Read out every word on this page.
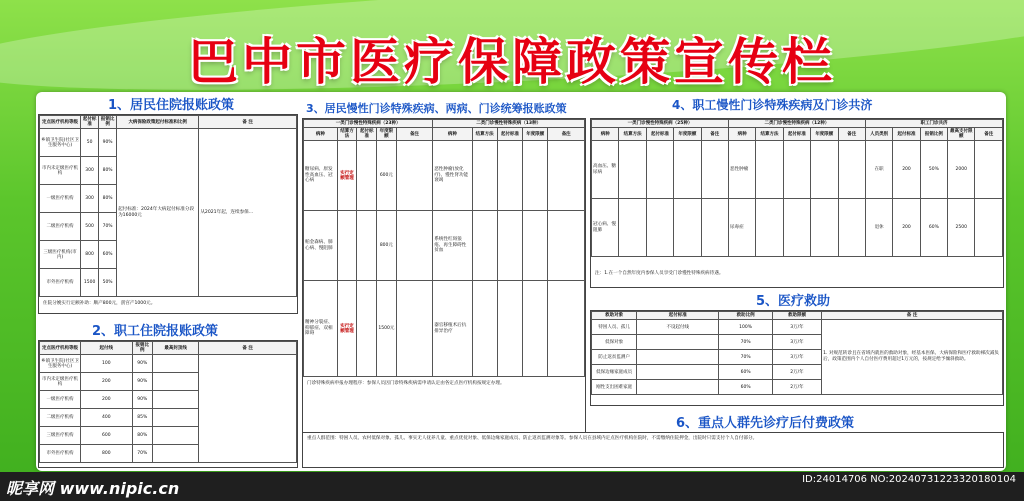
巴中市医疗保障政策宣传栏
1、居民住院报账政策
定点医疗机构等级	起付标准	报销比例	大病保险政策起付标准和比例	备 注
乡镇卫生院(社区卫生服务中心)	50	90%	起付标准：2024年大病起付标准分段为16000元	从2021年起，连续参保...
市内未定级医疗机构	300	80%		
一级医疗机构	300	80%		
二级医疗机构	500	70%		
三级医疗机构(市内)	800	60%		
市外医疗机构	1500	50%		
住院分娩实行定额补助：顺产800元，剖宫产1000元。
2、职工住院报账政策
定点医疗机构等级	起付线	报销比例	最高封顶线	备 注
乡镇卫生院(社区卫生服务中心)	100	90%		
市内未定级医疗机构	200	90%		
一级医疗机构	200	90%		
二级医疗机构	400	85%		
三级医疗机构	600	80%		
市外医疗机构	800	70%		
3、居民慢性门诊特殊疾病、两病、门诊统筹报账政策
一类门诊慢性特殊疾病（23种）					二类门诊慢性特殊疾病（13种）				
病种	结算方法	起付标准	年度限额	备注	病种	结算方法	起付标准	年度限额	备注
糖尿病、原发性高血压、冠心病	实行定额管理		600元		恶性肿瘤(放化疗)、慢性肾功能衰竭				
帕金森病、肺心病、慢阻肺			800元		系统性红斑狼疮、再生障碍性贫血				
精神分裂症、抑郁症、双相障碍	实行定额管理		1500元		器官移植术后抗排异治疗				
门诊特殊疾病申报办理程序：参保人员因门诊特殊疾病需申请认定由各定点医疗机构按规定办理。
4、职工慢性门诊特殊疾病及门诊共济
一类门诊慢性特殊疾病（25种）					二类门诊慢性特殊疾病（12种）					职工门诊共济				
病种	结算方法	起付标准	年度限额	备注	病种	结算方法	起付标准	年度限额	备注	人员类别	起付标准	报销比例	最高支付限额	备注
高血压、糖尿病					恶性肿瘤					在职	200	50%	2000	
冠心病、慢阻肺					尿毒症					退休	200	60%	2500	
注：1.在一个自然年度内参保人员享受门诊慢性特殊疾病待遇。
5、医疗救助
救助对象	起付标准	救助比例	救助限额	备 注
特困人员、孤儿	不设起付线	100%	3万/年	1. 对规范转诊且在省域内就医的救助对象，经基本医保、大病保险和医疗救助梯次减负后，政策范围内个人自付医疗费用超过1万元的，按规定给予倾斜救助。
低保对象		70%	3万/年	
防止返贫监测户		70%	3万/年	
低保边缘家庭成员		60%	2万/年	
刚性支出困难家庭		60%	2万/年	
6、重点人群先诊疗后付费政策
重点人群范围：特困人员、农村低保对象、孤儿、事实无人抚养儿童、重点优抚对象、低保边缘家庭成员、防止返贫监测对象等。参保人员在县域内定点医疗机构住院时，不需缴纳住院押金，出院时只需支付个人自付部分。
昵享网 www.nipic.cn	ID:24014706 NO:20240731223320180104
